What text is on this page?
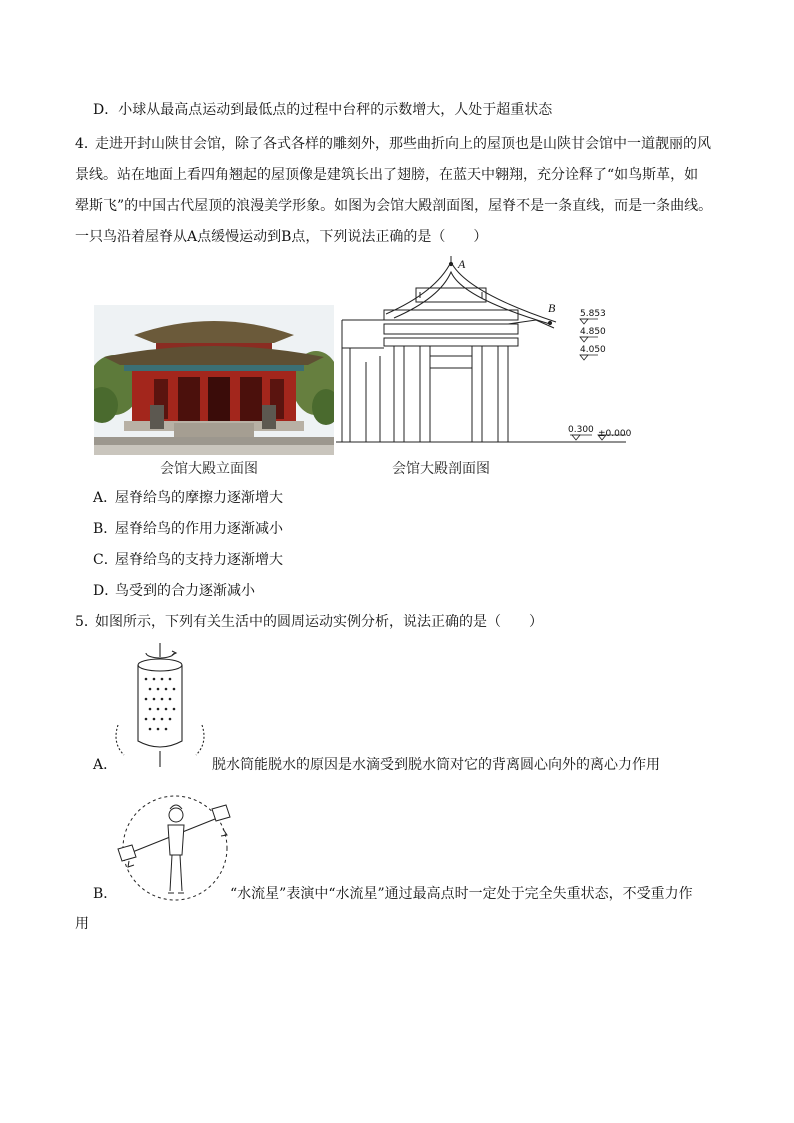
D．小球从最高点运动到最低点的过程中台秤的示数增大，人处于超重状态
4．
走进开封山陕甘会馆，除了各式各样的雕刻外，那些曲折向上的屋顶也是山陕甘会馆中一道靓丽的风
景线。站在地面上看四角翘起的屋顶像是建筑长出了翅膀，在蓝天中翱翔，充分诠释了“如鸟斯革，如
翚斯飞”的中国古代屋顶的浪漫美学形象。如图为会馆大殿剖面图，屋脊不是一条直线，而是一条曲线。
一只鸟沿着屋脊从A点缓慢运动到B点，下列说法正确的是（　　）
会馆大殿立面图
A
B	5.853
4.850
4.050
0.300 ±0.000
会馆大殿剖面图
A．屋脊给鸟的摩擦力逐渐增大
B．屋脊给鸟的作用力逐渐减小
C．屋脊给鸟的支持力逐渐增大
D．鸟受到的合力逐渐减小
5．
如图所示，下列有关生活中的圆周运动实例分析，说法正确的是（　　）
A．	脱水筒能脱水的原因是水滴受到脱水筒对它的背离圆心向外的离心力作用
B．	“水流星”表演中“水流星”通过最高点时一定处于完全失重状态，不受重力作
用
